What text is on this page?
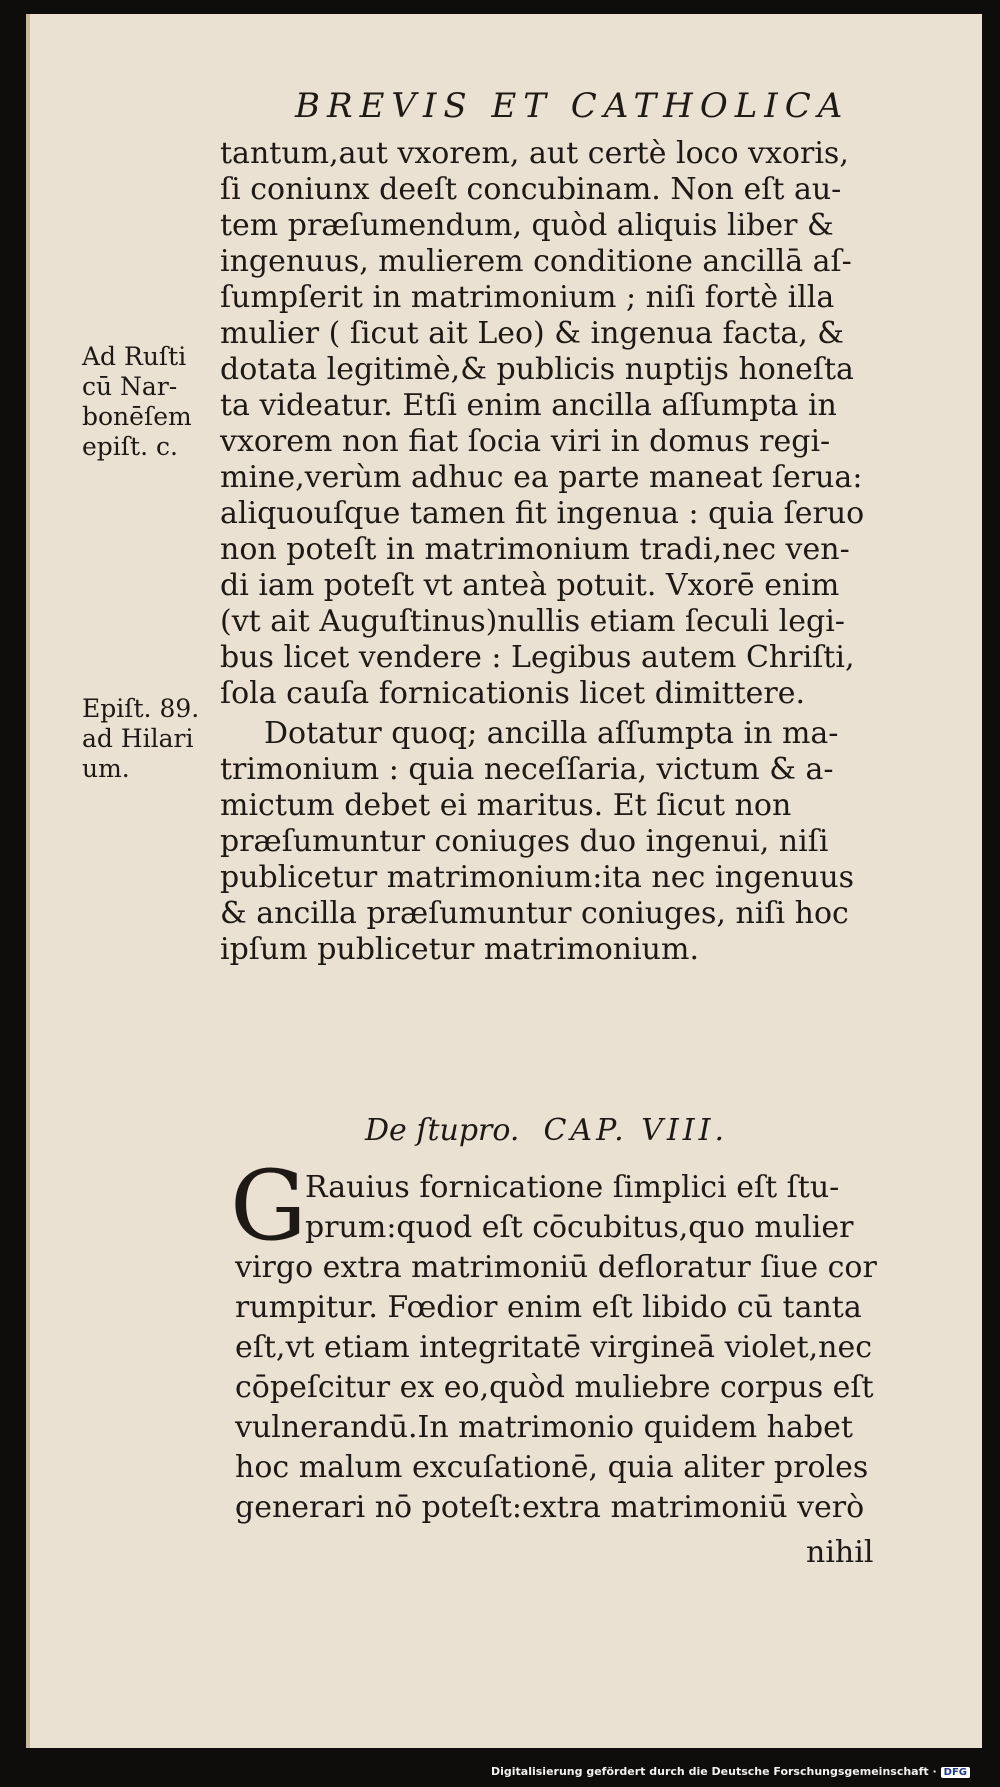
BREVIS ET CATHOLICA
tantum,aut vxorem, aut certè loco vxoris,
ſi coniunx deeſt concubinam. Non eſt au-
tem præſumendum, quòd aliquis liber &
ingenuus, mulierem conditione ancillā aſ-
ſumpſerit in matrimonium ; niſi fortè illa
mulier ( ſicut ait Leo) & ingenua facta, &
dotata legitimè,& publicis nuptijs honeſta
ta videatur. Etſi enim ancilla aſſumpta in
vxorem non fiat ſocia viri in domus regi-
mine,verùm adhuc ea parte maneat ſerua:
aliquouſque tamen fit ingenua : quia ſeruo
non poteſt in matrimonium tradi,nec ven-
di iam poteſt vt anteà potuit. Vxorē enim
(vt ait Auguſtinus)nullis etiam ſeculi legi-
bus licet vendere : Legibus autem Chriſti,
ſola cauſa fornicationis licet dimittere.
Dotatur quoq; ancilla aſſumpta in ma-
trimonium : quia neceſſaria, victum & a-
mictum debet ei maritus. Et ſicut non
præſumuntur coniuges duo ingenui, niſi
publicetur matrimonium:ita nec ingenuus
& ancilla præſumuntur coniuges, niſi hoc
ipſum publicetur matrimonium.
Ad Ruſti
cū Nar-
bonēſem
epiſt. c.
Epiſt. 89.
ad Hilari
um.
De ſtupro. CAP. VIII.
G
Rauius fornicatione ſimplici eſt ſtu-
prum:quod eſt cōcubitus,quo mulier
virgo extra matrimoniū defloratur ſiue cor
rumpitur. Fœdior enim eſt libido cū tanta
eſt,vt etiam integritatē virgineā violet,nec
cōpeſcitur ex eo,quòd muliebre corpus eſt
vulnerandū.In matrimonio quidem habet
hoc malum excuſationē, quia aliter proles
generari nō poteſt:extra matrimoniū verò
nihil
Digitalisierung gefördert durch die Deutsche Forschungsgemeinschaft · DFG
